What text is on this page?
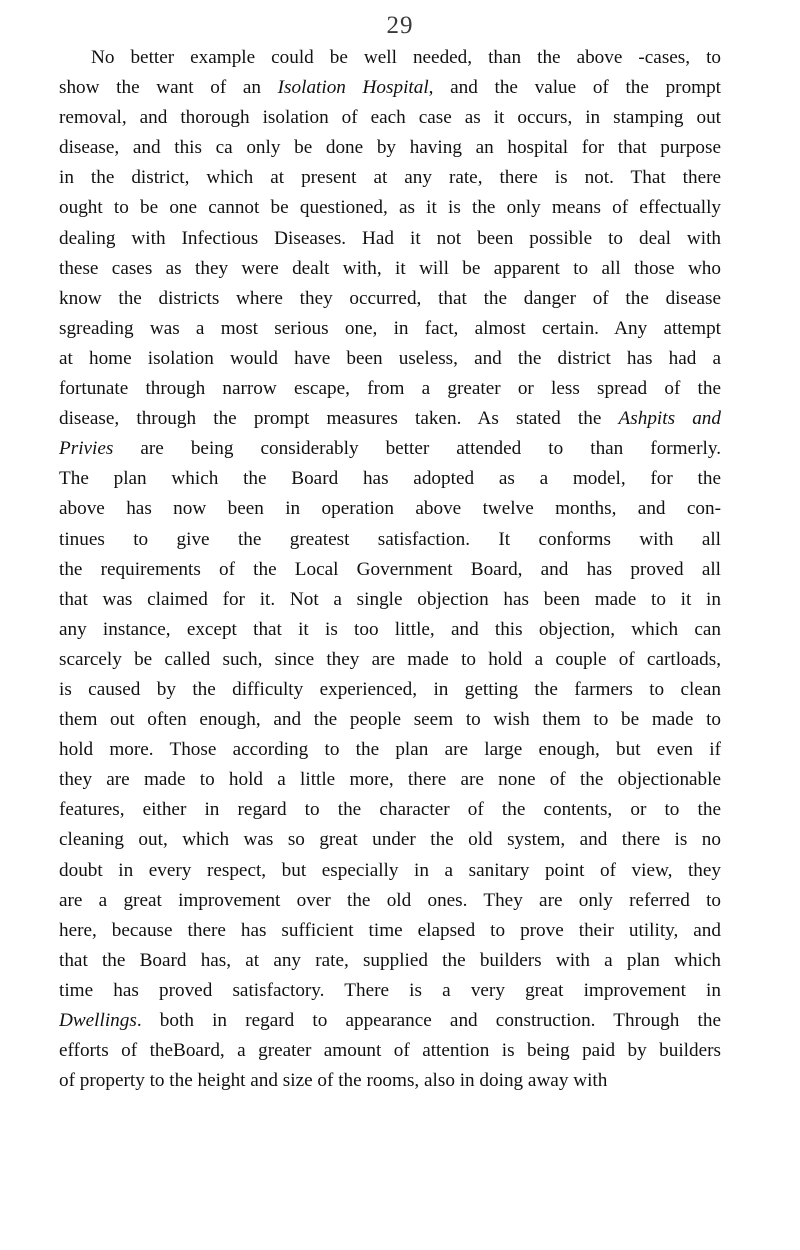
29
No better example could be well needed, than the above -cases, to
show the want of an Isolation Hospital, and the value of the prompt
removal, and thorough isolation of each case as it occurs, in stamping out
disease, and this ca only be done by having an hospital for that purpose
in the district, which at present at any rate, there is not. That there
ought to be one cannot be questioned, as it is the only means of effectually
dealing with Infectious Diseases. Had it not been possible to deal with
these cases as they were dealt with, it will be apparent to all those who
know the districts where they occurred, that the danger of the disease
sgreading was a most serious one, in fact, almost certain. Any attempt
at home isolation would have been useless, and the district has had a
fortunate through narrow escape, from a greater or less spread of the
disease, through the prompt measures taken. As stated the Ashpits and
Privies are being considerably better attended to than formerly.
The plan which the Board has adopted as a model, for the
above has now been in operation above twelve months, and con-
tinues to give the greatest satisfaction. It conforms with all
the requirements of the Local Government Board, and has proved all
that was claimed for it. Not a single objection has been made to it in
any instance, except that it is too little, and this objection, which can
scarcely be called such, since they are made to hold a couple of cartloads,
is caused by the difficulty experienced, in getting the farmers to clean
them out often enough, and the people seem to wish them to be made to
hold more. Those according to the plan are large enough, but even if
they are made to hold a little more, there are none of the objectionable
features, either in regard to the character of the contents, or to the
cleaning out, which was so great under the old system, and there is no
doubt in every respect, but especially in a sanitary point of view, they
are a great improvement over the old ones. They are only referred to
here, because there has sufficient time elapsed to prove their utility, and
that the Board has, at any rate, supplied the builders with a plan which
time has proved satisfactory. There is a very great improvement in
Dwellings. both in regard to appearance and construction. Through the
efforts of theBoard, a greater amount of attention is being paid by builders
of property to the height and size of the rooms, also in doing away with
